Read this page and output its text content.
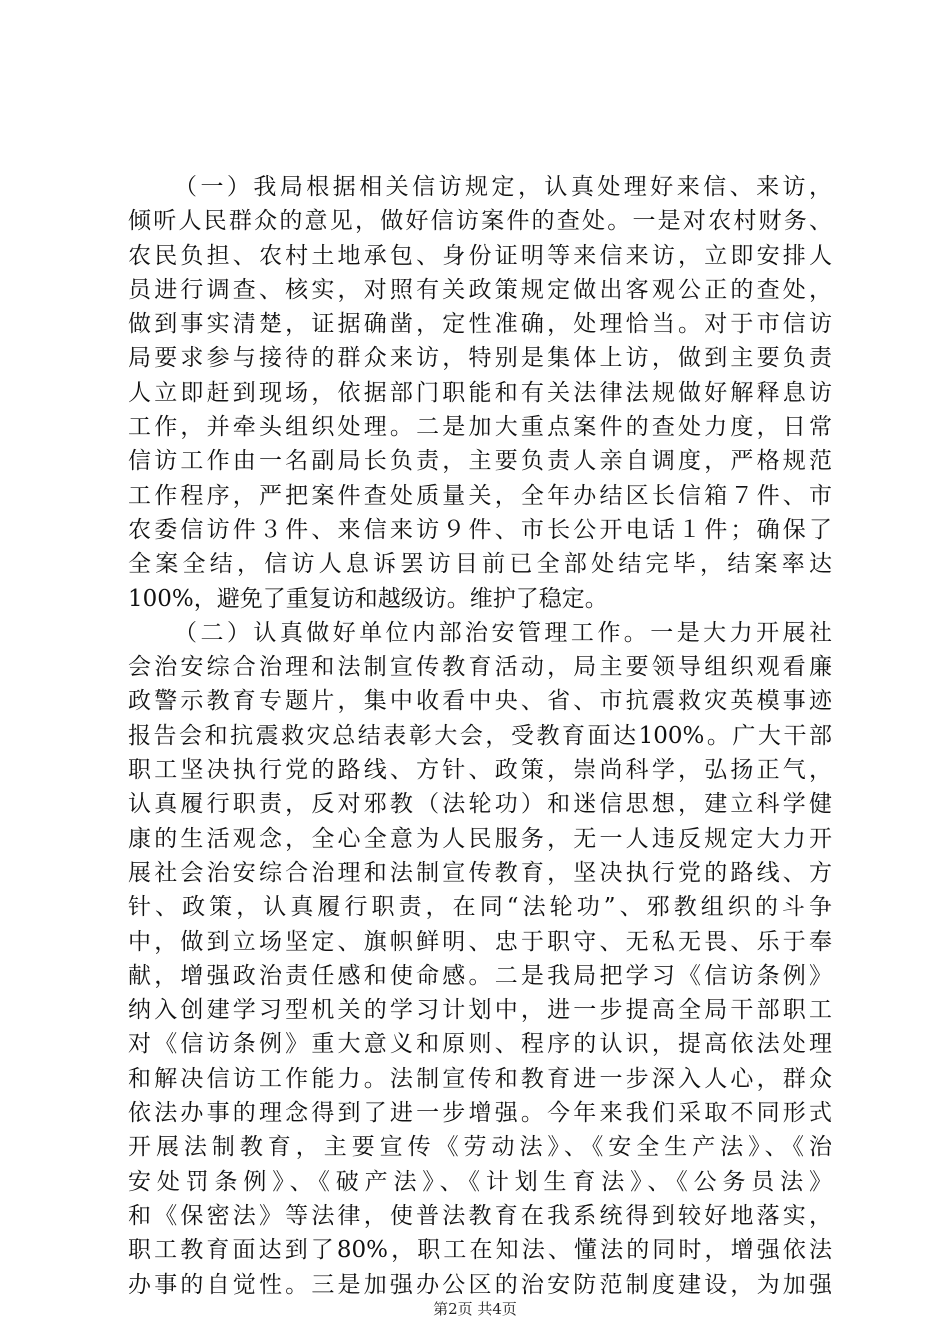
（一）我局根据相关信访规定，认真处理好来信、来访，
倾听人民群众的意见，做好信访案件的查处。一是对农村财务、
农民负担、农村土地承包、身份证明等来信来访，立即安排人
员进行调查、核实，对照有关政策规定做出客观公正的查处，
做到事实清楚，证据确凿，定性准确，处理恰当。对于市信访
局要求参与接待的群众来访，特别是集体上访，做到主要负责
人立即赶到现场，依据部门职能和有关法律法规做好解释息访
工作，并牵头组织处理。二是加大重点案件的查处力度，日常
信访工作由一名副局长负责，主要负责人亲自调度，严格规范
工作程序，严把案件查处质量关，全年办结区长信箱７件、市
农委信访件３件、来信来访９件、市长公开电话１件；确保了
全案全结，信访人息诉罢访目前已全部处结完毕，结案率达
100%，避免了重复访和越级访。维护了稳定。
（二）认真做好单位内部治安管理工作。一是大力开展社
会治安综合治理和法制宣传教育活动，局主要领导组织观看廉
政警示教育专题片，集中收看中央、省、市抗震救灾英模事迹
报告会和抗震救灾总结表彰大会，受教育面达100%。广大干部
职工坚决执行党的路线、方针、政策，崇尚科学，弘扬正气，
认真履行职责，反对邪教（法轮功）和迷信思想，建立科学健
康的生活观念，全心全意为人民服务，无一人违反规定大力开
展社会治安综合治理和法制宣传教育，坚决执行党的路线、方
针、政策，认真履行职责，在同“法轮功”、邪教组织的斗争
中，做到立场坚定、旗帜鲜明、忠于职守、无私无畏、乐于奉
献，增强政治责任感和使命感。二是我局把学习《信访条例》
纳入创建学习型机关的学习计划中，进一步提高全局干部职工
对《信访条例》重大意义和原则、程序的认识，提高依法处理
和解决信访工作能力。法制宣传和教育进一步深入人心，群众
依法办事的理念得到了进一步增强。今年来我们采取不同形式
开展法制教育，主要宣传《劳动法》、《安全生产法》、《治
安处罚条例》、《破产法》、《计划生育法》、《公务员法》
和《保密法》等法律，使普法教育在我系统得到较好地落实，
职工教育面达到了80%，职工在知法、懂法的同时，增强依法
办事的自觉性。三是加强办公区的治安防范制度建设，为加强
第2页 共4页
